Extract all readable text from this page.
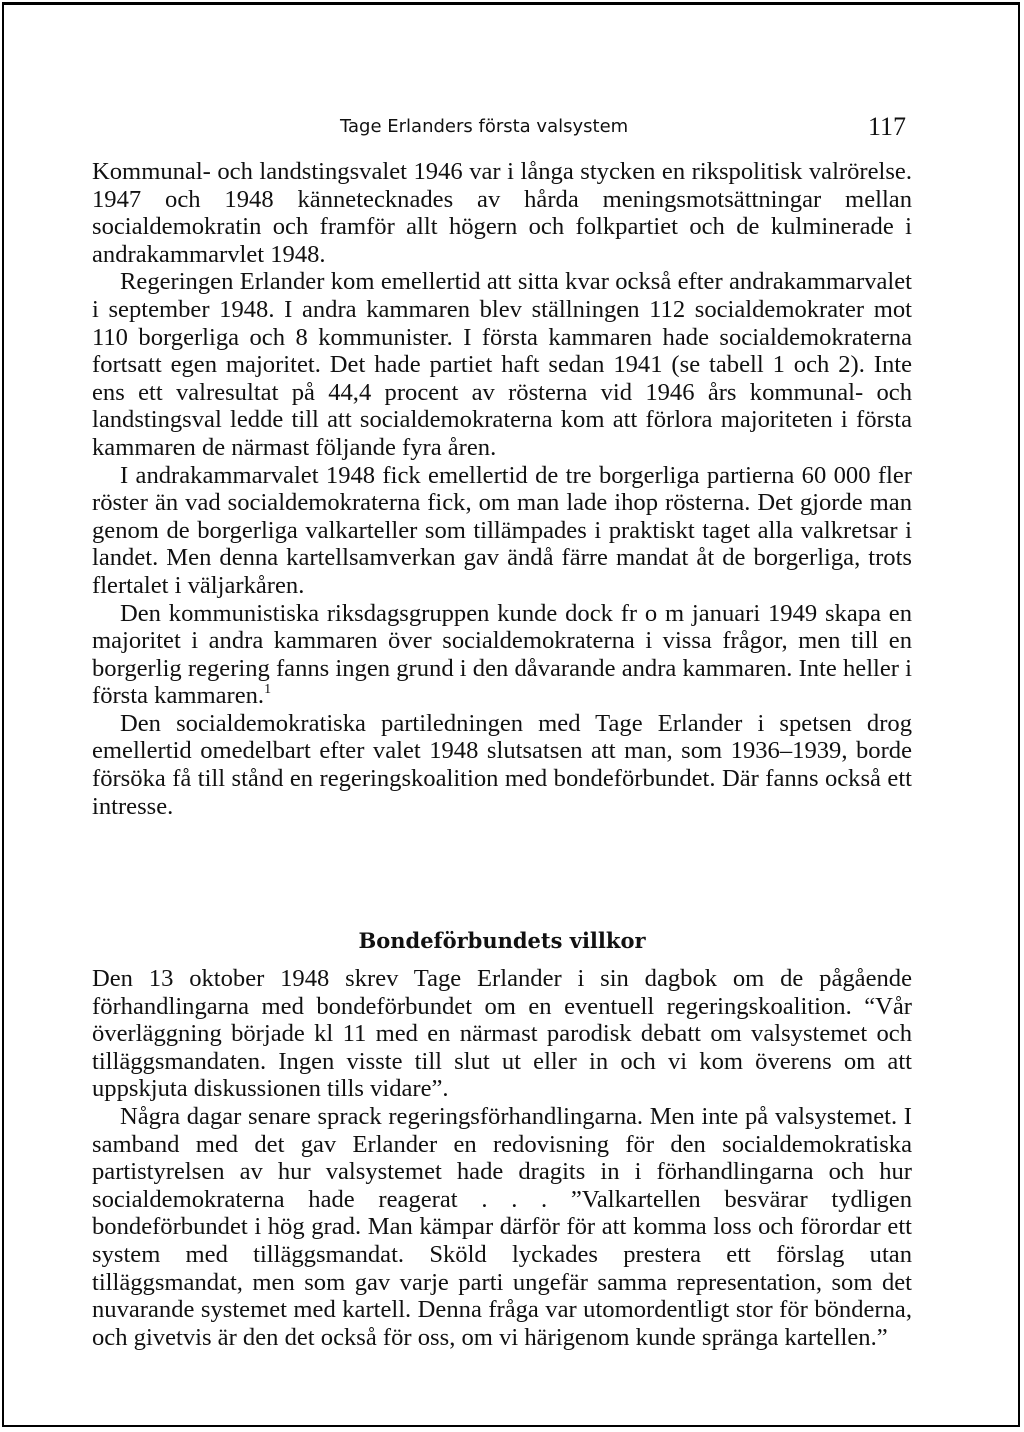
Tage Erlanders första valsystem	117

Kommunal- och landstingsvalet 1946 var i långa stycken en rikspolitisk valrörelse. 1947 och 1948 kännetecknades av hårda meningsmotsättningar mellan socialdemokratin och framför allt högern och folkpartiet och de kulminerade i andrakammarvlet 1948.

Regeringen Erlander kom emellertid att sitta kvar också efter andrakammarvalet i september 1948. I andra kammaren blev ställningen 112 socialdemokrater mot 110 borgerliga och 8 kommunister. I första kammaren hade socialdemokraterna fortsatt egen majoritet. Det hade partiet haft sedan 1941 (se tabell 1 och 2). Inte ens ett valresultat på 44,4 procent av rösterna vid 1946 års kommunal- och landstingsval ledde till att socialdemokraterna kom att förlora majoriteten i första kammaren de närmast följande fyra åren.

I andrakammarvalet 1948 fick emellertid de tre borgerliga partierna 60 000 fler röster än vad socialdemokraterna fick, om man lade ihop rösterna. Det gjorde man genom de borgerliga valkarteller som tillämpades i praktiskt taget alla valkretsar i landet. Men denna kartellsamverkan gav ändå färre mandat åt de borgerliga, trots flertalet i väljarkåren.

Den kommunistiska riksdagsgruppen kunde dock fr o m januari 1949 skapa en majoritet i andra kammaren över socialdemokraterna i vissa frågor, men till en borgerlig regering fanns ingen grund i den dåvarande andra kammaren. Inte heller i första kammaren.$^1$

Den socialdemokratiska partiledningen med Tage Erlander i spetsen drog emellertid omedelbart efter valet 1948 slutsatsen att man, som 1936–1939, borde försöka få till stånd en regeringskoalition med bondeförbundet. Där fanns också ett intresse.

Bondeförbundets villkor

Den 13 oktober 1948 skrev Tage Erlander i sin dagbok om de pågående förhandlingarna med bondeförbundet om en eventuell regeringskoalition. “Vår överläggning började kl 11 med en närmast parodisk debatt om valsystemet och tilläggsmandaten. Ingen visste till slut ut eller in och vi kom överens om att uppskjuta diskussionen tills vidare”.

Några dagar senare sprack regeringsförhandlingarna. Men inte på valsystemet. I samband med det gav Erlander en redovisning för den socialdemokratiska partistyrelsen av hur valsystemet hade dragits in i förhandlingarna och hur socialdemokraterna hade reagerat . . . ”Valkartellen besvärar tydligen bondeförbundet i hög grad. Man kämpar därför för att komma loss och förordar ett system med tilläggsmandat. Sköld lyckades prestera ett förslag utan tilläggsmandat, men som gav varje parti ungefär samma representation, som det nuvarande systemet med kartell. Denna fråga var utomordentligt stor för bönderna, och givetvis är den det också för oss, om vi härigenom kunde spränga kartellen.”
